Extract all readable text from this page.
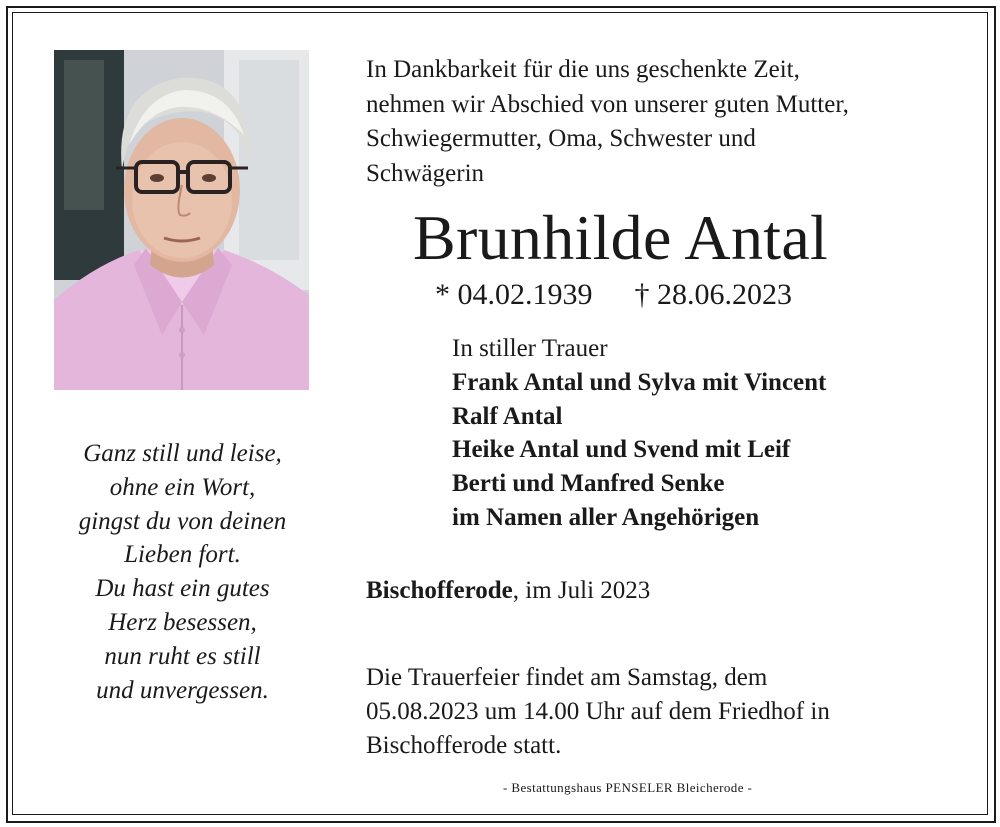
Ganz still und leise,
ohne ein Wort,
gingst du von deinen
Lieben fort.
Du hast ein gutes
Herz besessen,
nun ruht es still
und unvergessen.
In Dankbarkeit für die uns geschenkte Zeit,
nehmen wir Abschied von unserer guten Mutter,
Schwiegermutter, Oma, Schwester und
Schwägerin
Brunhilde Antal
* 04.02.1939 † 28.06.2023
In stiller Trauer
Frank Antal und Sylva mit Vincent
Ralf Antal
Heike Antal und Svend mit Leif
Berti und Manfred Senke
im Namen aller Angehörigen
Bischofferode, im Juli 2023
Die Trauerfeier findet am Samstag, dem
05.08.2023 um 14.00 Uhr auf dem Friedhof in
Bischofferode statt.
- Bestattungshaus PENSELER Bleicherode -
